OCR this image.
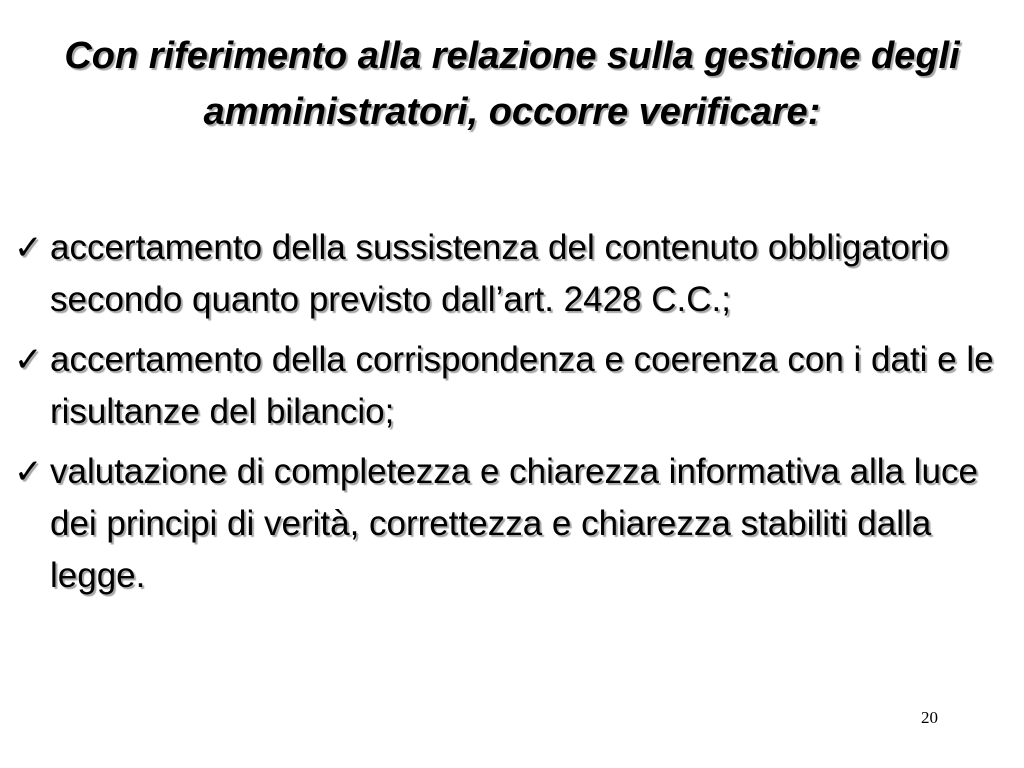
Con riferimento alla relazione sulla gestione degli amministratori, occorre verificare:
✓ accertamento della sussistenza del contenuto obbligatorio secondo quanto previsto dall’art. 2428 C.C.;
✓ accertamento della corrispondenza e coerenza con i dati e le risultanze del bilancio;
✓ valutazione di completezza e chiarezza informativa alla luce dei principi di verità, correttezza e chiarezza stabiliti dalla legge.
20
